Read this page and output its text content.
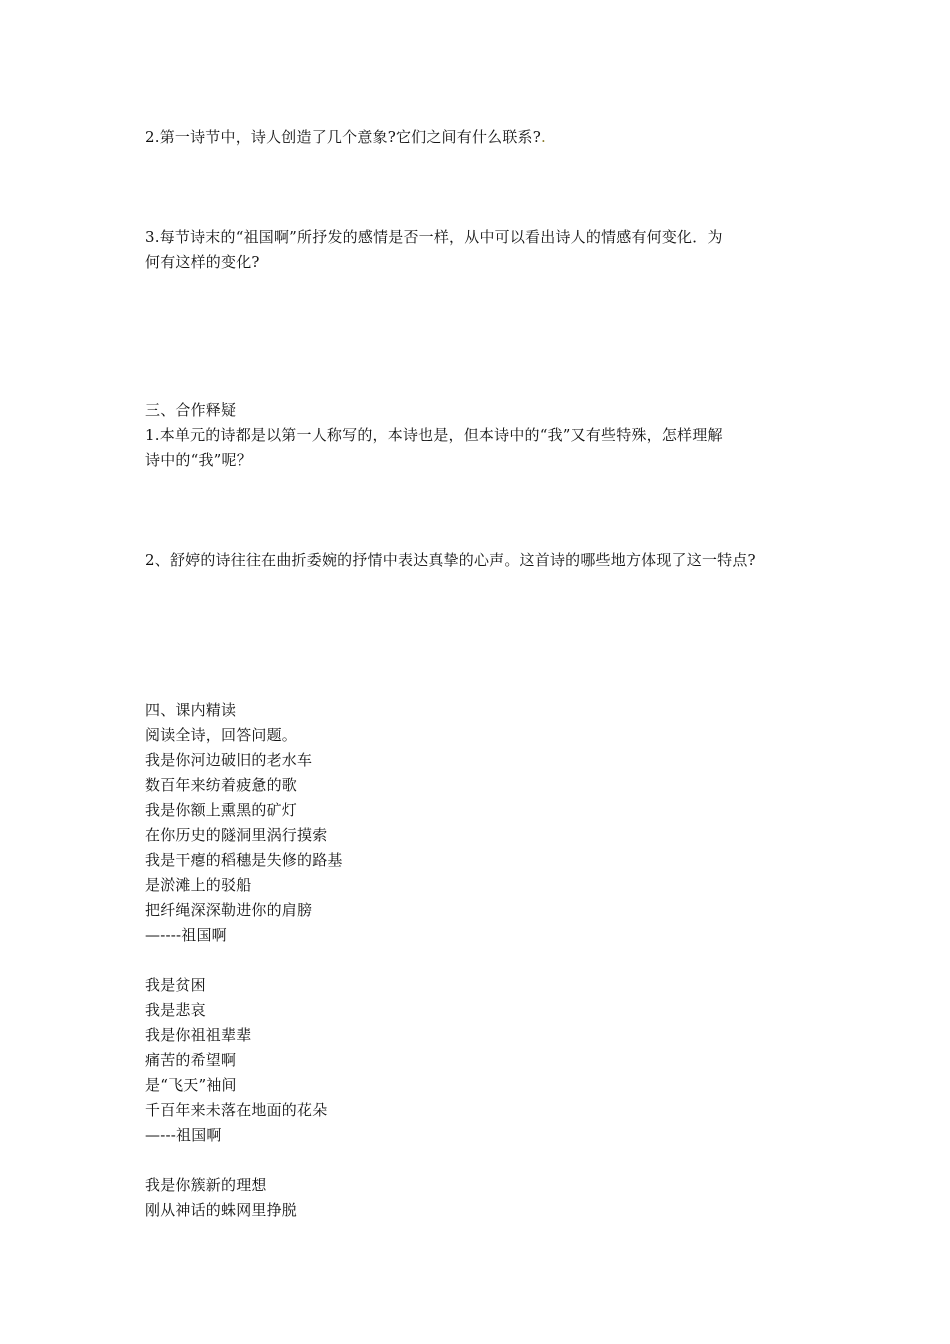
2.第一诗节中，诗人创造了几个意象?它们之间有什么联系?.
3.每节诗末的“祖国啊”所抒发的感情是否一样，从中可以看出诗人的情感有何变化．为
何有这样的变化?
三、合作释疑
1.本单元的诗都是以第一人称写的，本诗也是，但本诗中的“我”又有些特殊，怎样理解
诗中的“我”呢？
2、舒婷的诗往往在曲折委婉的抒情中表达真挚的心声。这首诗的哪些地方体现了这一特点?
四、课内精读
阅读全诗，回答问题。
我是你河边破旧的老水车
数百年来纺着疲惫的歌
我是你额上熏黑的矿灯
在你历史的隧洞里涡行摸索
我是干瘪的稻穗是失修的路基
是淤滩上的驳船
把纤绳深深勒进你的肩膀
—----祖国啊
我是贫困
我是悲哀
我是你祖祖辈辈
痛苦的希望啊
是“飞天”袖间
千百年来未落在地面的花朵
—---祖国啊
我是你簇新的理想
刚从神话的蛛网里挣脱
